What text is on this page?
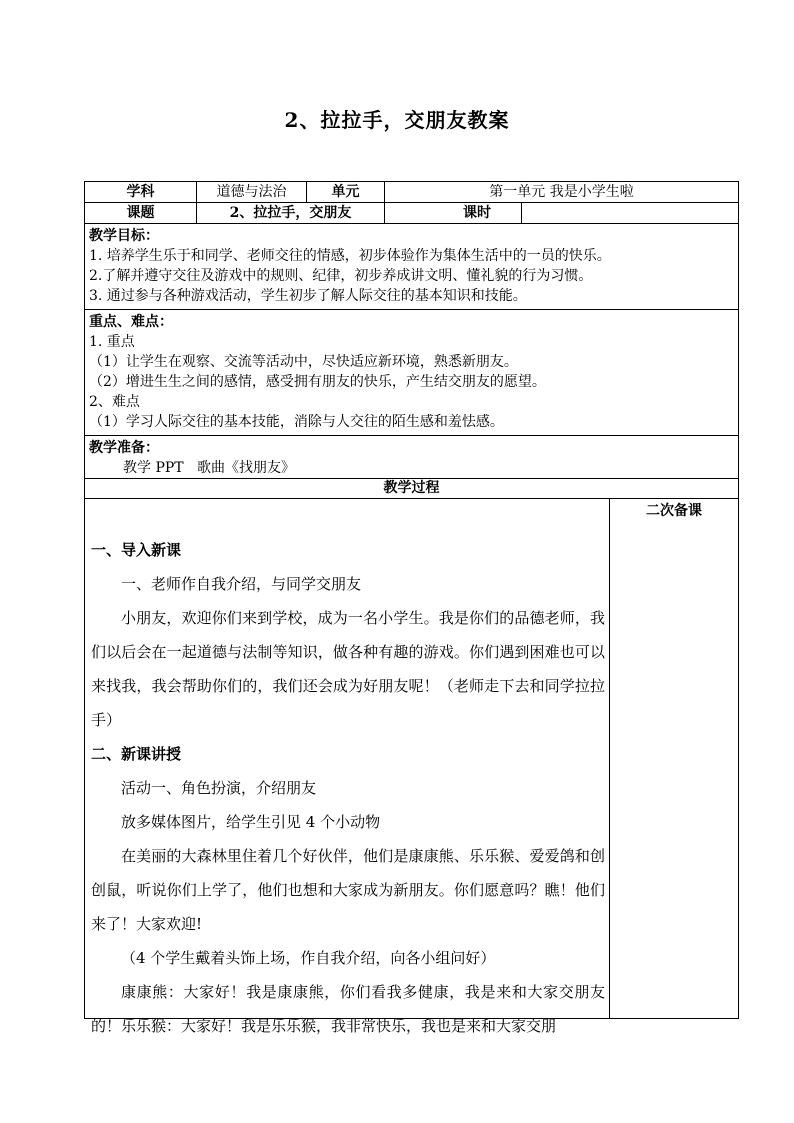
2、拉拉手，交朋友教案
学科	道德与法治	单元	第一单元 我是小学生啦
课题	2、拉拉手，交朋友	课时
教学目标：
1. 培养学生乐于和同学、老师交往的情感，初步体验作为集体生活中的一员的快乐。
2.了解并遵守交往及游戏中的规则、纪律，初步养成讲文明、懂礼貌的行为习惯。
3. 通过参与各种游戏活动，学生初步了解人际交往的基本知识和技能。
重点、难点：
1. 重点
（1）让学生在观察、交流等活动中，尽快适应新环境，熟悉新朋友。
（2）增进生生之间的感情，感受拥有朋友的快乐，产生结交朋友的愿望。
2、难点
（1）学习人际交往的基本技能，消除与人交往的陌生感和羞怯感。
教学准备：
教学 PPT   歌曲《找朋友》
教学过程
一、导入新课
一、老师作自我介绍，与同学交朋友
小朋友，欢迎你们来到学校，成为一名小学生。我是你们的品德老师，我们以后会在一起道德与法制等知识，做各种有趣的游戏。你们遇到困难也可以来找我，我会帮助你们的，我们还会成为好朋友呢！（老师走下去和同学拉拉手）
二、新课讲授
活动一、角色扮演，介绍朋友
放多媒体图片，给学生引见 4 个小动物
在美丽的大森林里住着几个好伙伴，他们是康康熊、乐乐猴、爱爱鸽和创创鼠，听说你们上学了，他们也想和大家成为新朋友。你们愿意吗？瞧！他们来了！大家欢迎!
（4 个学生戴着头饰上场，作自我介绍，向各小组问好）
康康熊：大家好！我是康康熊，你们看我多健康，我是来和大家交朋友的！乐乐猴：大家好！我是乐乐猴，我非常快乐，我也是来和大家交朋
二次备课
